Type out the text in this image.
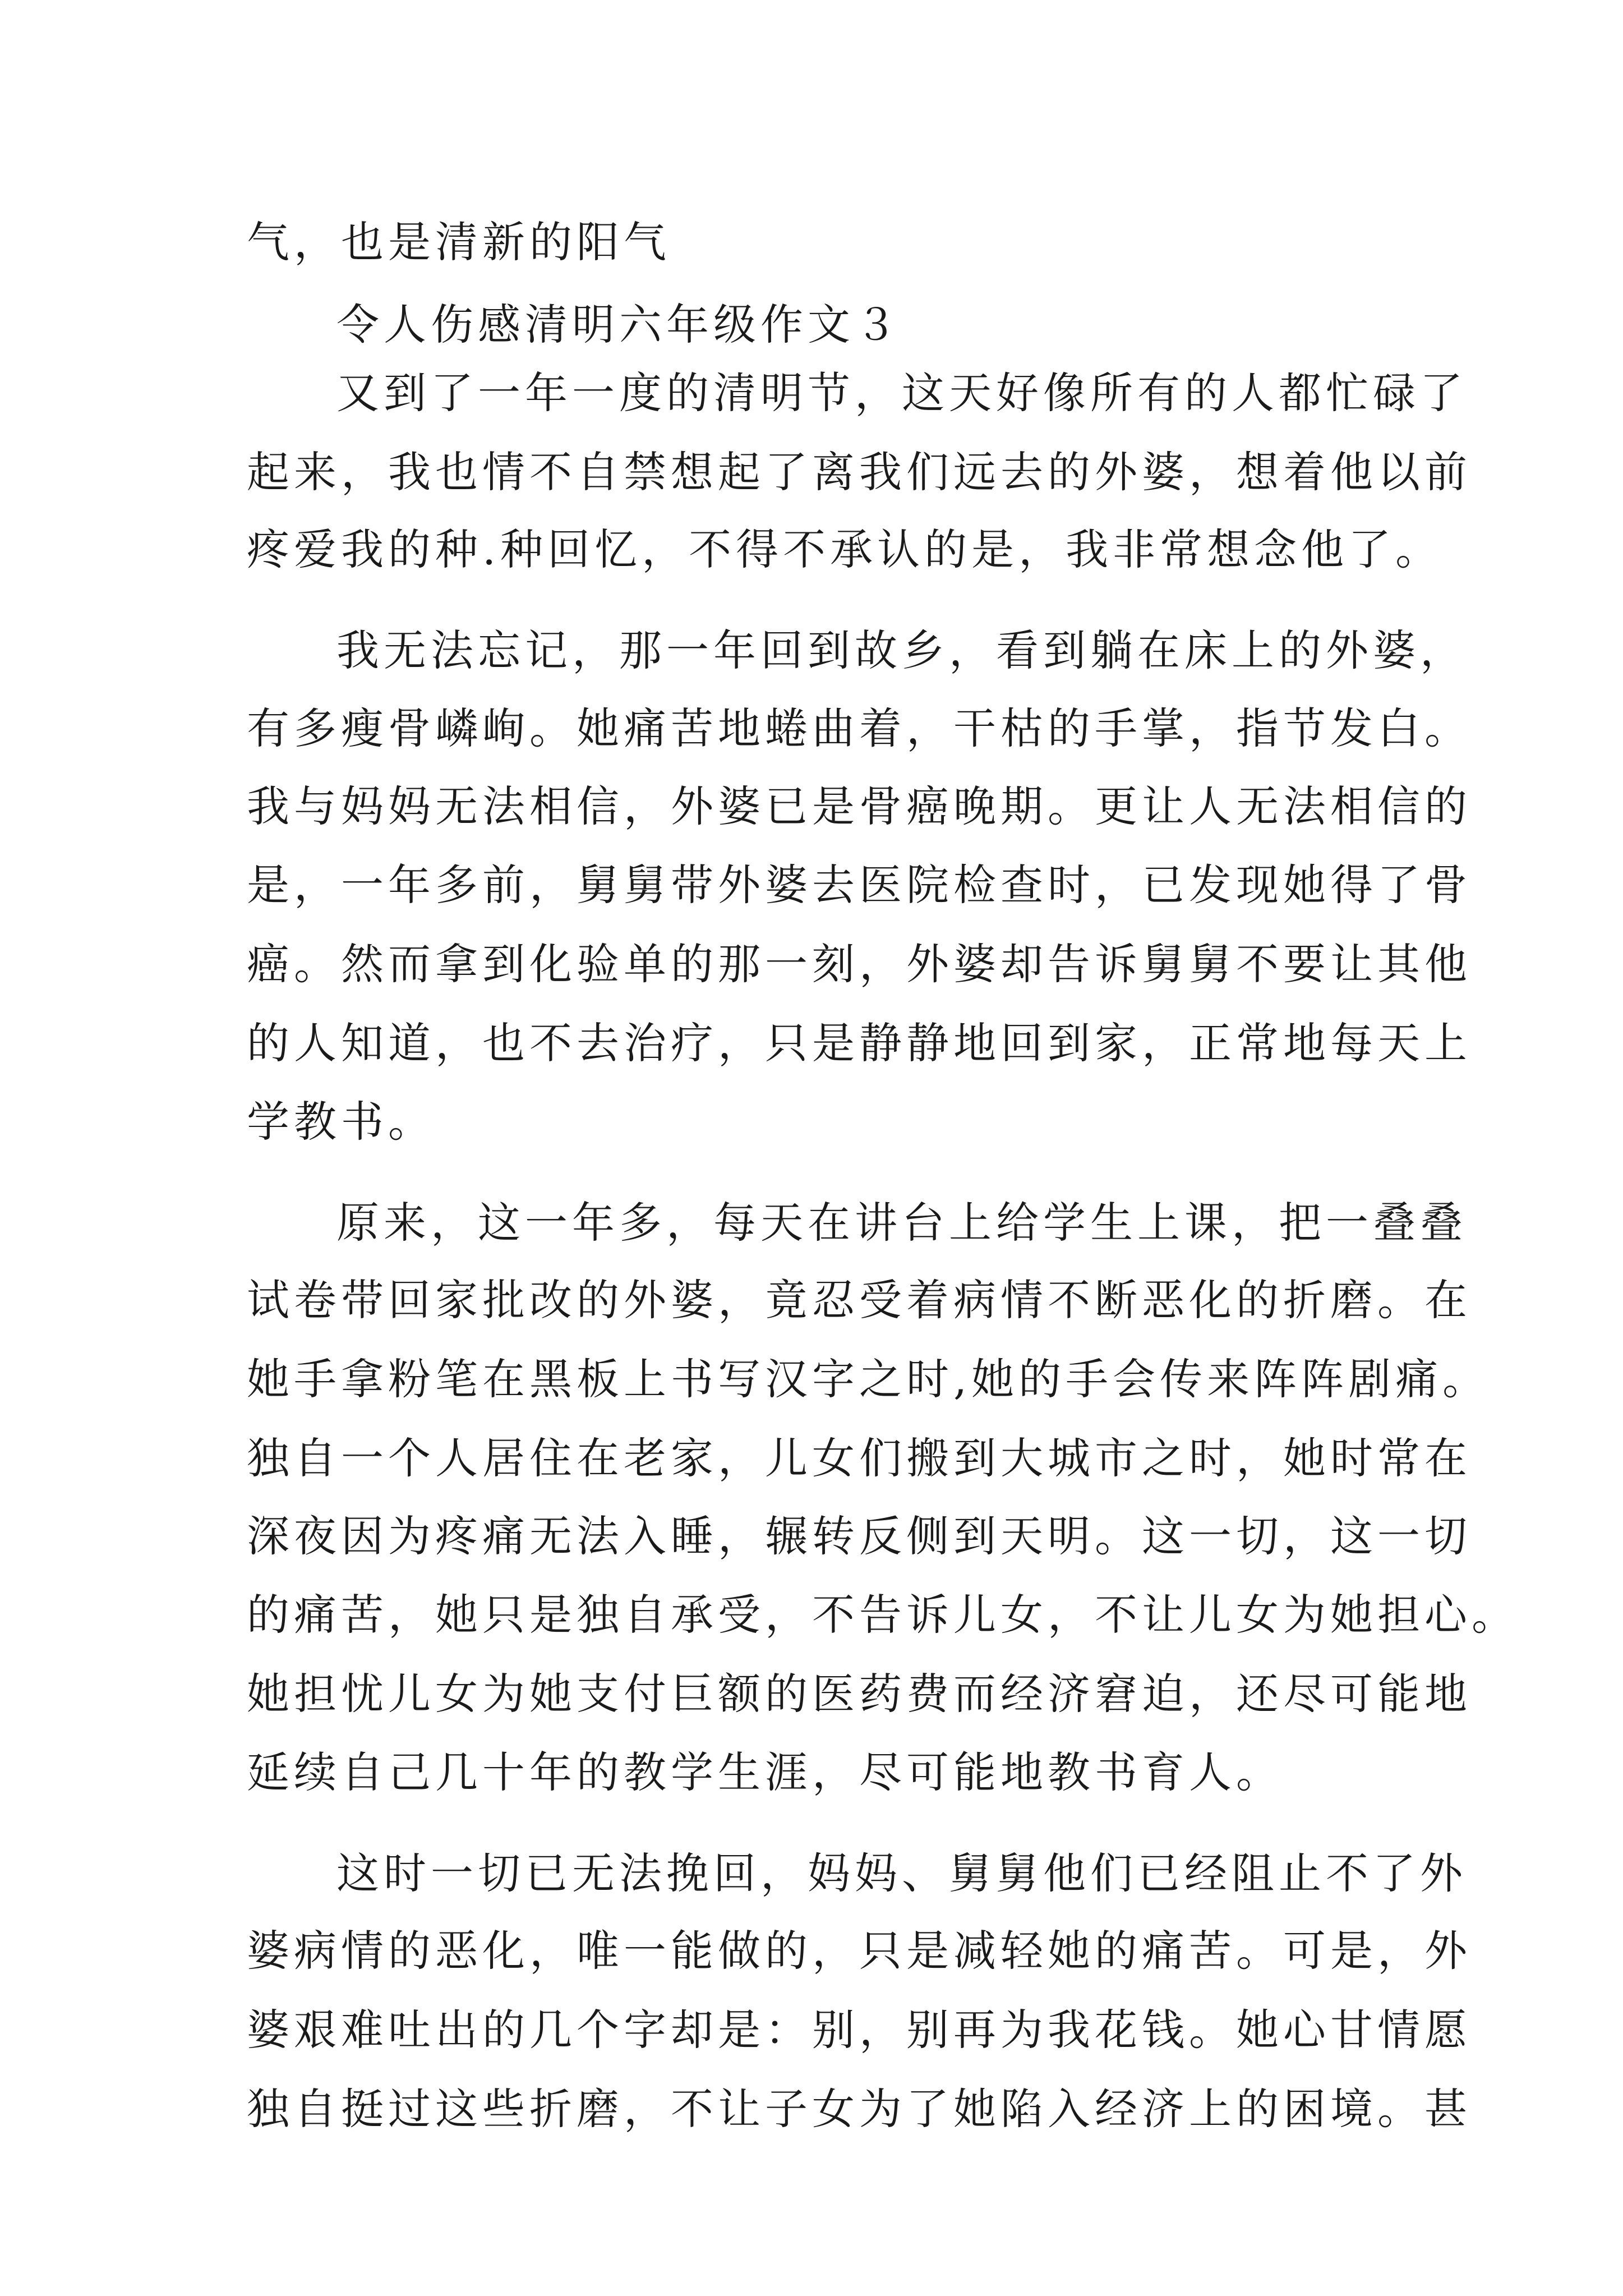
气，也是清新的阳气
令人伤感清明六年级作文３
又到了一年一度的清明节，这天好像所有的人都忙碌了
起来，我也情不自禁想起了离我们远去的外婆，想着他以前
疼爱我的种.种回忆，不得不承认的是，我非常想念他了。
我无法忘记，那一年回到故乡，看到躺在床上的外婆，
有多瘦骨嶙峋。她痛苦地蜷曲着，干枯的手掌，指节发白。
我与妈妈无法相信，外婆已是骨癌晚期。更让人无法相信的
是，一年多前，舅舅带外婆去医院检查时，已发现她得了骨
癌。然而拿到化验单的那一刻，外婆却告诉舅舅不要让其他
的人知道，也不去治疗，只是静静地回到家，正常地每天上
学教书。
原来，这一年多，每天在讲台上给学生上课，把一叠叠
试卷带回家批改的外婆，竟忍受着病情不断恶化的折磨。在
她手拿粉笔在黑板上书写汉字之时,她的手会传来阵阵剧痛。
独自一个人居住在老家，儿女们搬到大城市之时，她时常在
深夜因为疼痛无法入睡，辗转反侧到天明。这一切，这一切
的痛苦，她只是独自承受，不告诉儿女，不让儿女为她担心。
她担忧儿女为她支付巨额的医药费而经济窘迫，还尽可能地
延续自己几十年的教学生涯，尽可能地教书育人。
这时一切已无法挽回，妈妈、舅舅他们已经阻止不了外
婆病情的恶化，唯一能做的，只是减轻她的痛苦。可是，外
婆艰难吐出的几个字却是：别，别再为我花钱。她心甘情愿
独自挺过这些折磨，不让子女为了她陷入经济上的困境。甚
